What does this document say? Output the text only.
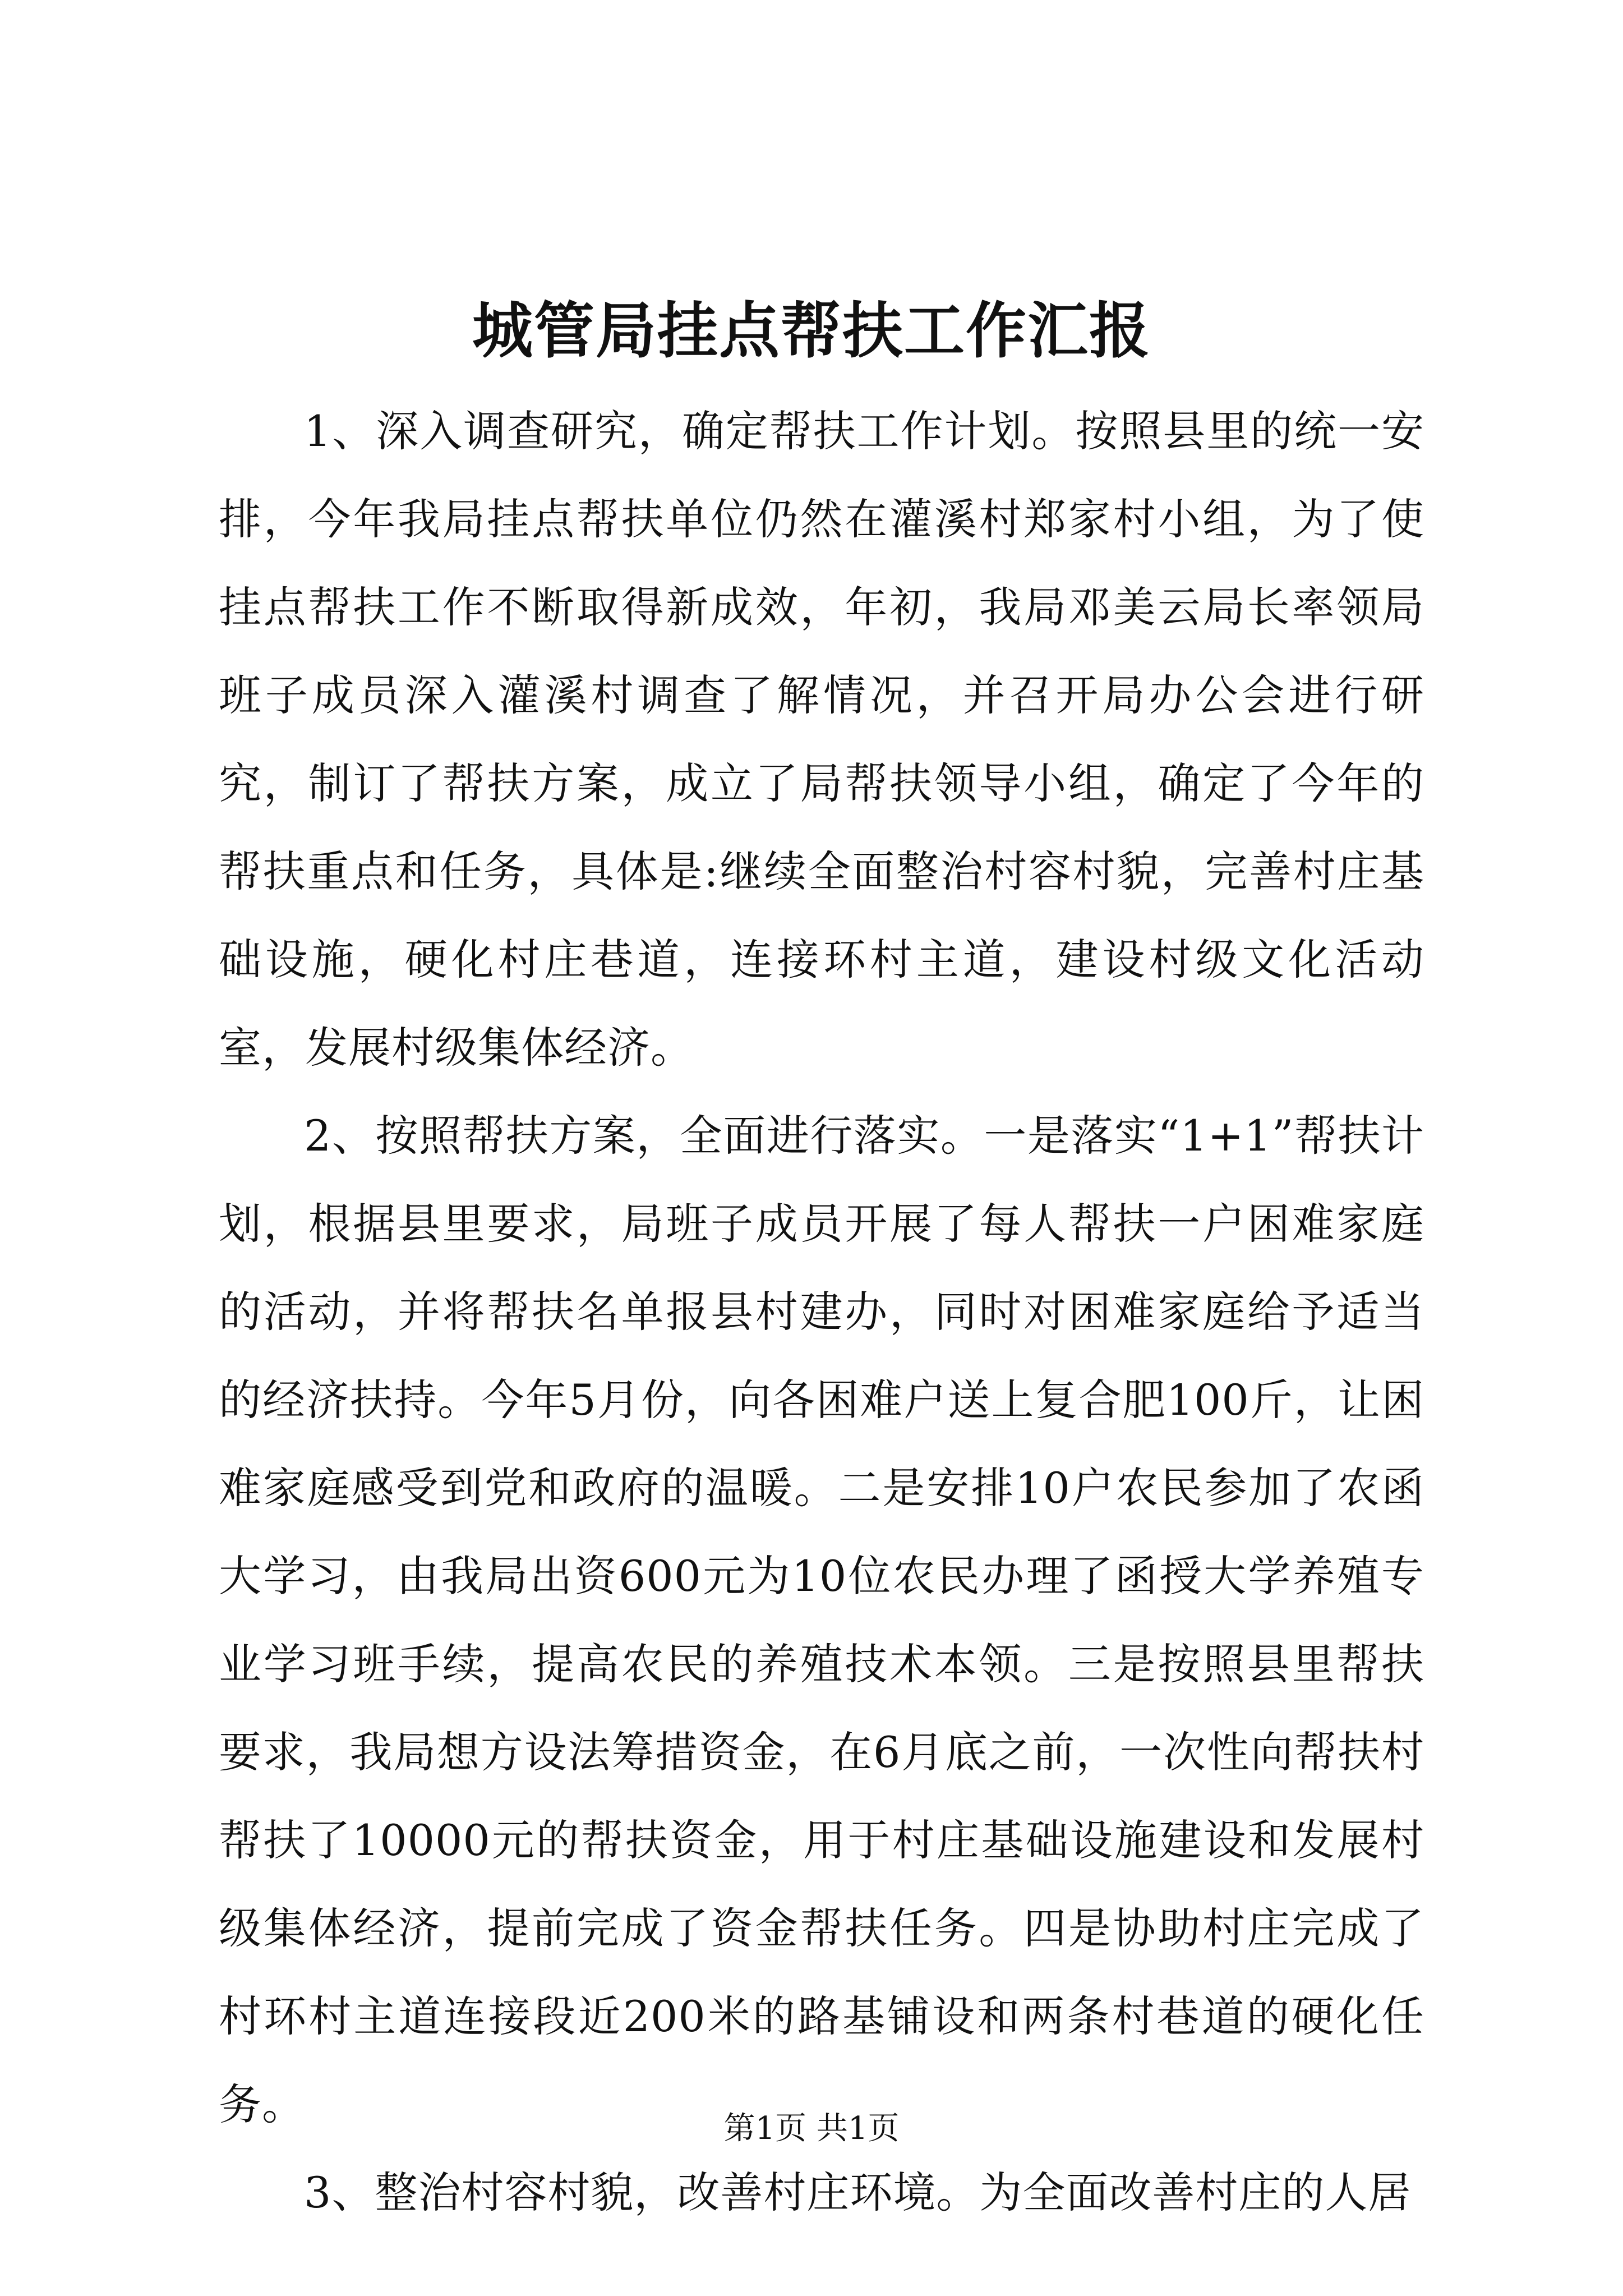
城管局挂点帮扶工作汇报

1、深入调查研究，确定帮扶工作计划。按照县里的统一安排，今年我局挂点帮扶单位仍然在灌溪村郑家村小组，为了使挂点帮扶工作不断取得新成效，年初，我局邓美云局长率领局班子成员深入灌溪村调查了解情况，并召开局办公会进行研究，制订了帮扶方案，成立了局帮扶领导小组，确定了今年的帮扶重点和任务，具体是:继续全面整治村容村貌，完善村庄基础设施，硬化村庄巷道，连接环村主道，建设村级文化活动室，发展村级集体经济。

2、按照帮扶方案，全面进行落实。一是落实“1+1”帮扶计划，根据县里要求，局班子成员开展了每人帮扶一户困难家庭的活动，并将帮扶名单报县村建办，同时对困难家庭给予适当的经济扶持。今年5月份，向各困难户送上复合肥100斤，让困难家庭感受到党和政府的温暖。二是安排10户农民参加了农函大学习，由我局出资600元为10位农民办理了函授大学养殖专业学习班手续，提高农民的养殖技术本领。三是按照县里帮扶要求，我局想方设法筹措资金，在6月底之前，一次性向帮扶村帮扶了10000元的帮扶资金，用于村庄基础设施建设和发展村级集体经济，提前完成了资金帮扶任务。四是协助村庄完成了村环村主道连接段近200米的路基铺设和两条村巷道的硬化任务。

3、整治村容村貌，改善村庄环境。为全面改善村庄的人居

第1页 共1页
